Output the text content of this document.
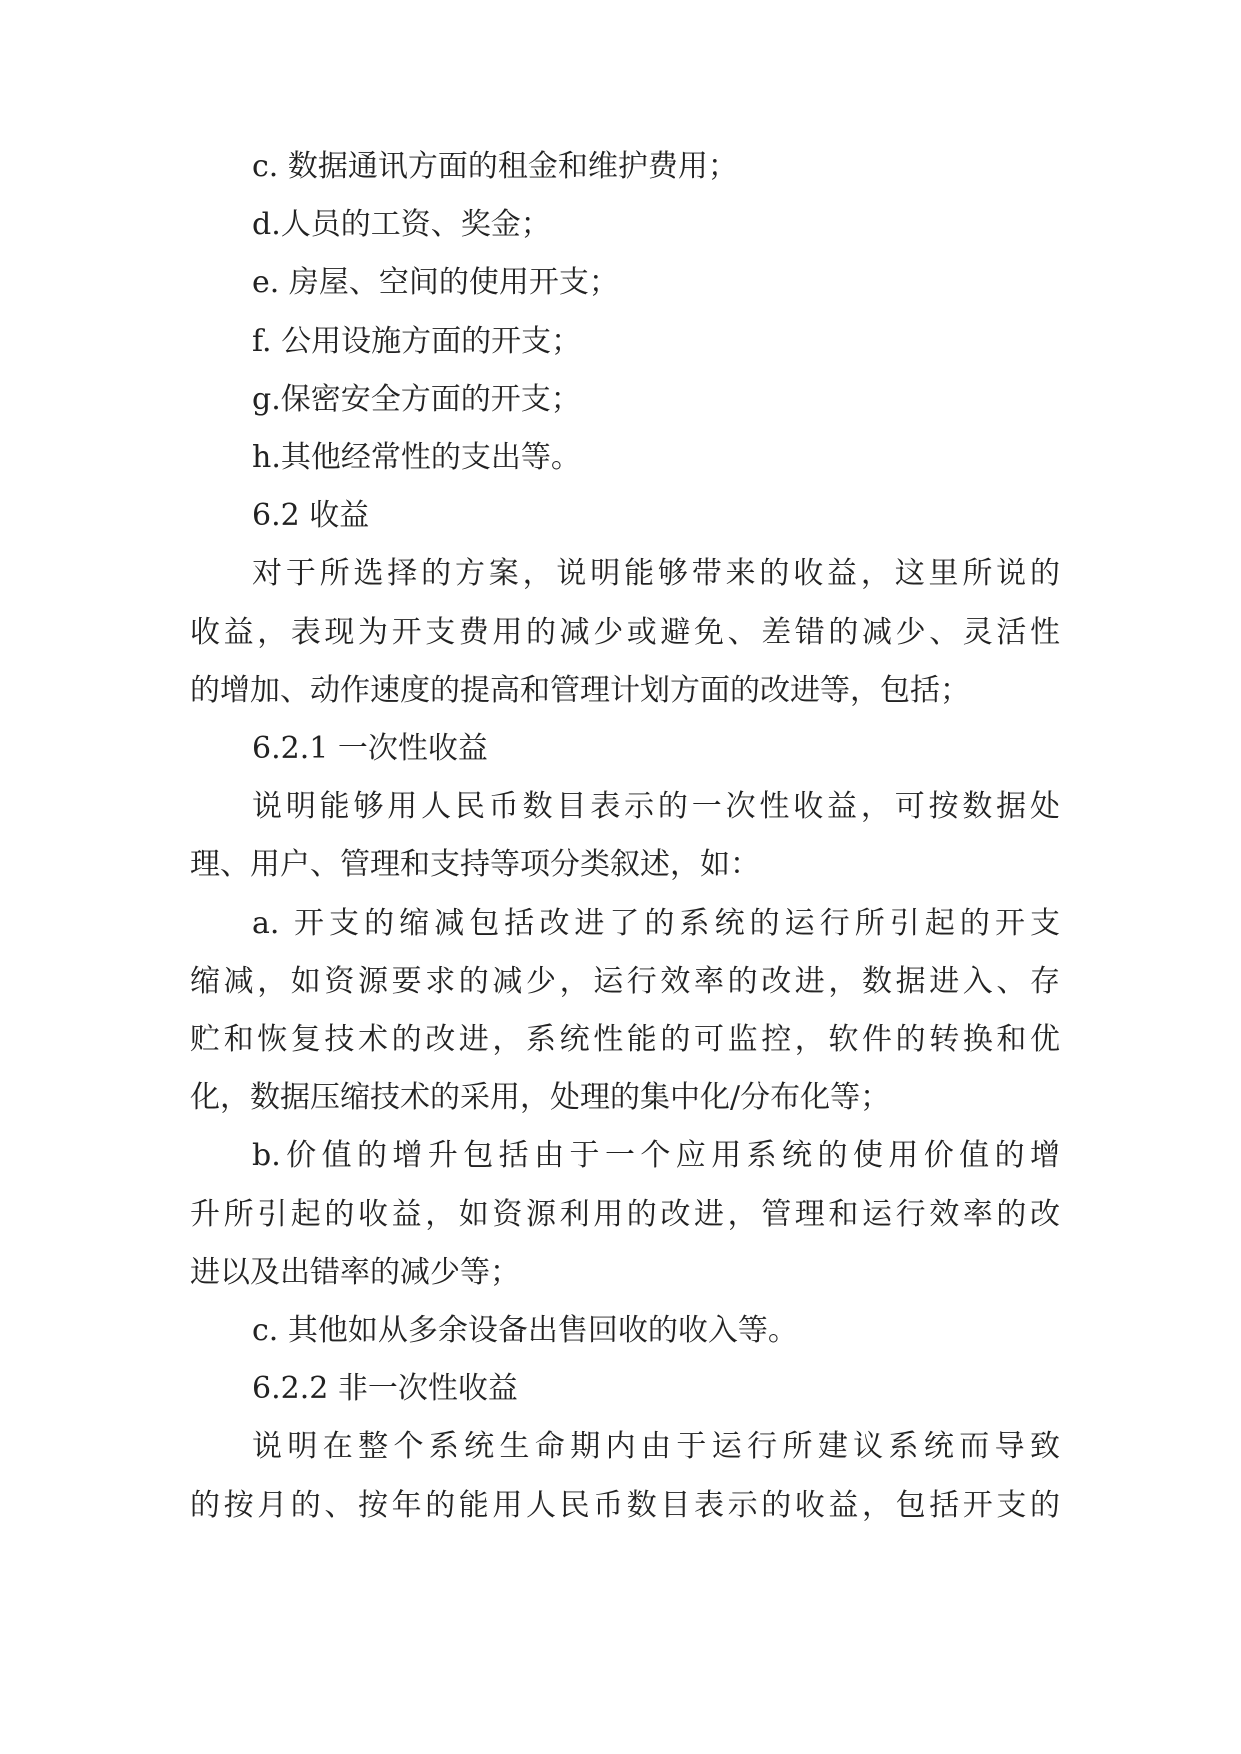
c. 数据通讯方面的租金和维护费用；
d.人员的工资、奖金；
e. 房屋、空间的使用开支；
f. 公用设施方面的开支；
g.保密安全方面的开支；
h.其他经常性的支出等。
6.2 收益
对于所选择的方案，说明能够带来的收益，这里所说的
收益，表现为开支费用的减少或避免、差错的减少、灵活性
的增加、动作速度的提高和管理计划方面的改进等，包括；
6.2.1 一次性收益
说明能够用人民币数目表示的一次性收益，可按数据处
理、用户、管理和支持等项分类叙述，如：
a. 开支的缩减包括改进了的系统的运行所引起的开支
缩减，如资源要求的减少，运行效率的改进，数据进入、存
贮和恢复技术的改进，系统性能的可监控，软件的转换和优
化，数据压缩技术的采用，处理的集中化/分布化等；
b.价值的增升包括由于一个应用系统的使用价值的增
升所引起的收益，如资源利用的改进，管理和运行效率的改
进以及出错率的减少等；
c. 其他如从多余设备出售回收的收入等。
6.2.2 非一次性收益
说明在整个系统生命期内由于运行所建议系统而导致
的按月的、按年的能用人民币数目表示的收益，包括开支的
